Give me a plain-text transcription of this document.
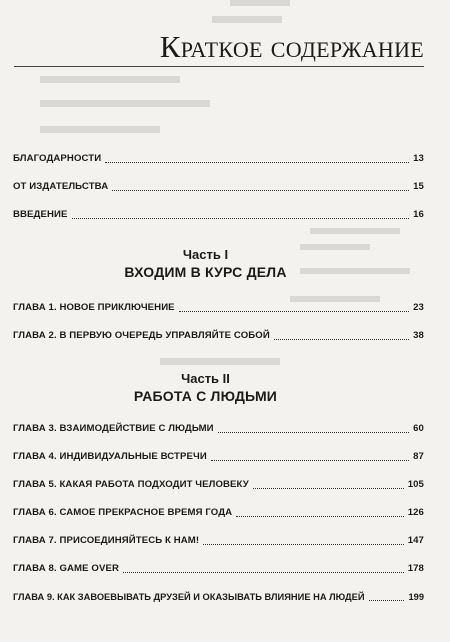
Краткое содержание
БЛАГОДАРНОСТИ	13
ОТ ИЗДАТЕЛЬСТВА	15
ВВЕДЕНИЕ	16
Часть I
ВХОДИМ В КУРС ДЕЛА
ГЛАВА 1. НОВОЕ ПРИКЛЮЧЕНИЕ	23
ГЛАВА 2. В ПЕРВУЮ ОЧЕРЕДЬ УПРАВЛЯЙТЕ СОБОЙ	38
Часть II
РАБОТА С ЛЮДЬМИ
ГЛАВА 3. ВЗАИМОДЕЙСТВИЕ С ЛЮДЬМИ	60
ГЛАВА 4. ИНДИВИДУАЛЬНЫЕ ВСТРЕЧИ	87
ГЛАВА 5. КАКАЯ РАБОТА ПОДХОДИТ ЧЕЛОВЕКУ	105
ГЛАВА 6. САМОЕ ПРЕКРАСНОЕ ВРЕМЯ ГОДА	126
ГЛАВА 7. ПРИСОЕДИНЯЙТЕСЬ К НАМ!	147
ГЛАВА 8. GAME OVER	178
ГЛАВА 9. КАК ЗАВОЕВЫВАТЬ ДРУЗЕЙ И ОКАЗЫВАТЬ ВЛИЯНИЕ НА ЛЮДЕЙ	199
